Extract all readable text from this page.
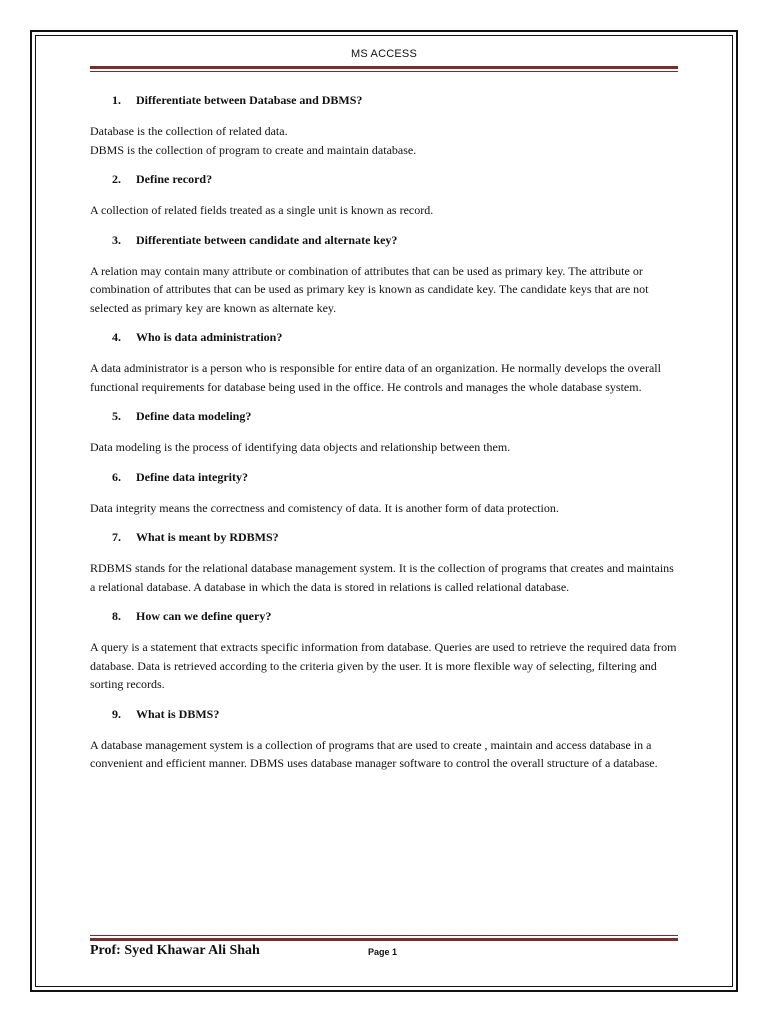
MS ACCESS
1.	Differentiate between Database and DBMS?
Database is the collection of related data.
DBMS is the collection of program to create and maintain database.
2.	Define record?
A collection of related fields treated as a single unit is known as record.
3.	Differentiate between candidate and alternate key?
A relation may contain many attribute or combination of attributes that can be used as primary key. The attribute or combination of attributes that can be used as primary key is known as candidate key. The candidate keys that are not selected as primary key are known as alternate key.
4.	Who is data administration?
A data administrator is a person who is responsible for entire data of an organization. He normally develops the overall functional requirements for database being used in the office. He controls and manages the whole database system.
5.	Define data modeling?
Data modeling is the process of identifying data objects and relationship between them.
6.	Define data integrity?
Data integrity means the correctness and comistency of data. It is another form of data protection.
7.	What is meant by RDBMS?
RDBMS stands for the relational database management system. It is the collection of programs that creates and maintains a relational database. A database in which the data is stored in relations is called relational database.
8.	How can we define query?
A query is a statement that extracts specific information from database. Queries are used to retrieve the required data from database. Data is retrieved according to the criteria given by the user. It is more flexible way of selecting, filtering and sorting records.
9.	What is DBMS?
A database management system is a collection of programs that are used to create , maintain and access database in a convenient and efficient manner. DBMS uses database manager software to control the overall structure of a database.
Prof: Syed Khawar Ali Shah	Page 1
